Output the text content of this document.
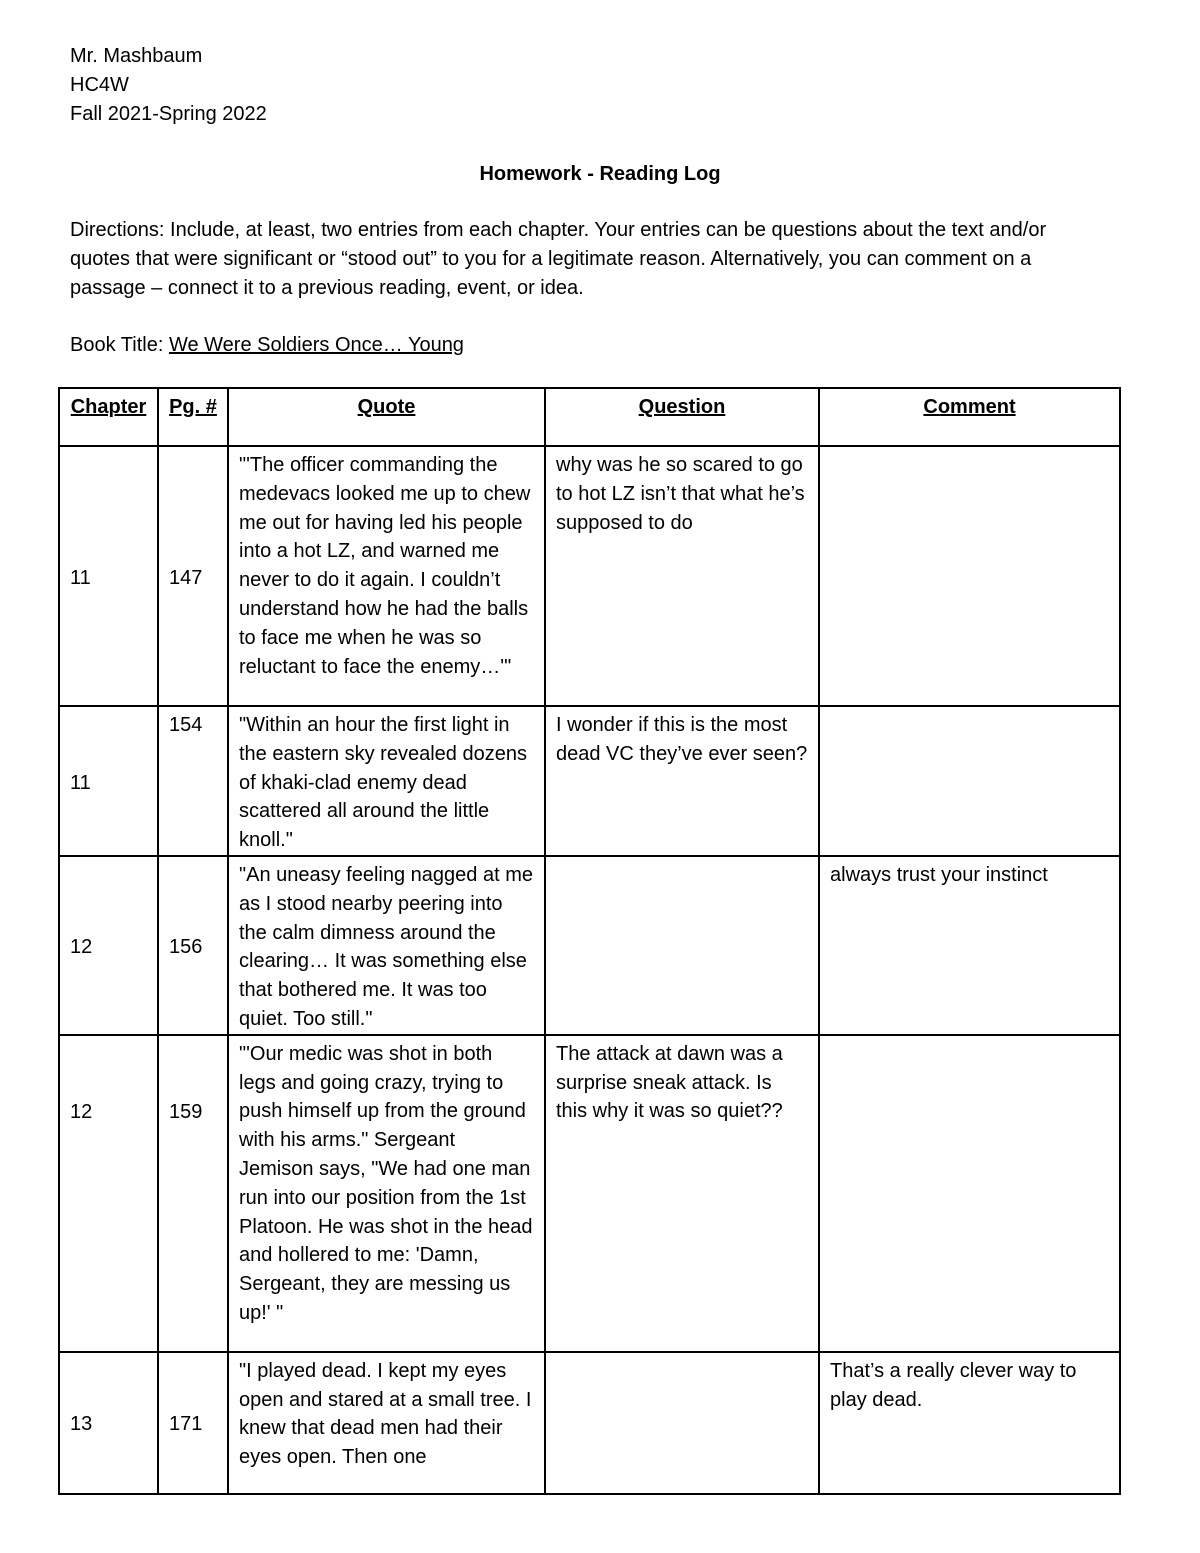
Mr. Mashbaum

HC4W

Fall 2021-Spring 2022

Homework - Reading Log

Directions: Include, at least, two entries from each chapter. Your entries can be questions about the text and/or quotes that were significant or “stood out” to you for a legitimate reason. Alternatively, you can comment on a passage – connect it to a previous reading, event, or idea.

Book Title: We Were Soldiers Once… Young

Chapter	Pg. #	Quote	Question	Comment
11	147	"'The officer commanding the medevacs looked me up to chew me out for having led his people into a hot LZ, and warned me never to do it again. I couldn’t understand how he had the balls to face me when he was so reluctant to face the enemy…'"	why was he so scared to go to hot LZ isn’t that what he’s supposed to do	
11	154	"Within an hour the first light in the eastern sky revealed dozens of khaki-clad enemy dead scattered all around the little knoll."	I wonder if this is the most dead VC they’ve ever seen?	
12	156	"An uneasy feeling nagged at me as I stood nearby peering into the calm dimness around the clearing… It was something else that bothered me. It was too quiet. Too still."		always trust your instinct
12	159	"'Our medic was shot in both legs and going crazy, trying to push himself up from the ground with his arms." Sergeant Jemison says, "We had one man run into our position from the 1st Platoon. He was shot in the head and hollered to me: 'Damn, Sergeant, they are messing us up!' "	The attack at dawn was a surprise sneak attack. Is this why it was so quiet??	
13	171	"I played dead. I kept my eyes open and stared at a small tree. I knew that dead men had their eyes open. Then one		That’s a really clever way to play dead.
